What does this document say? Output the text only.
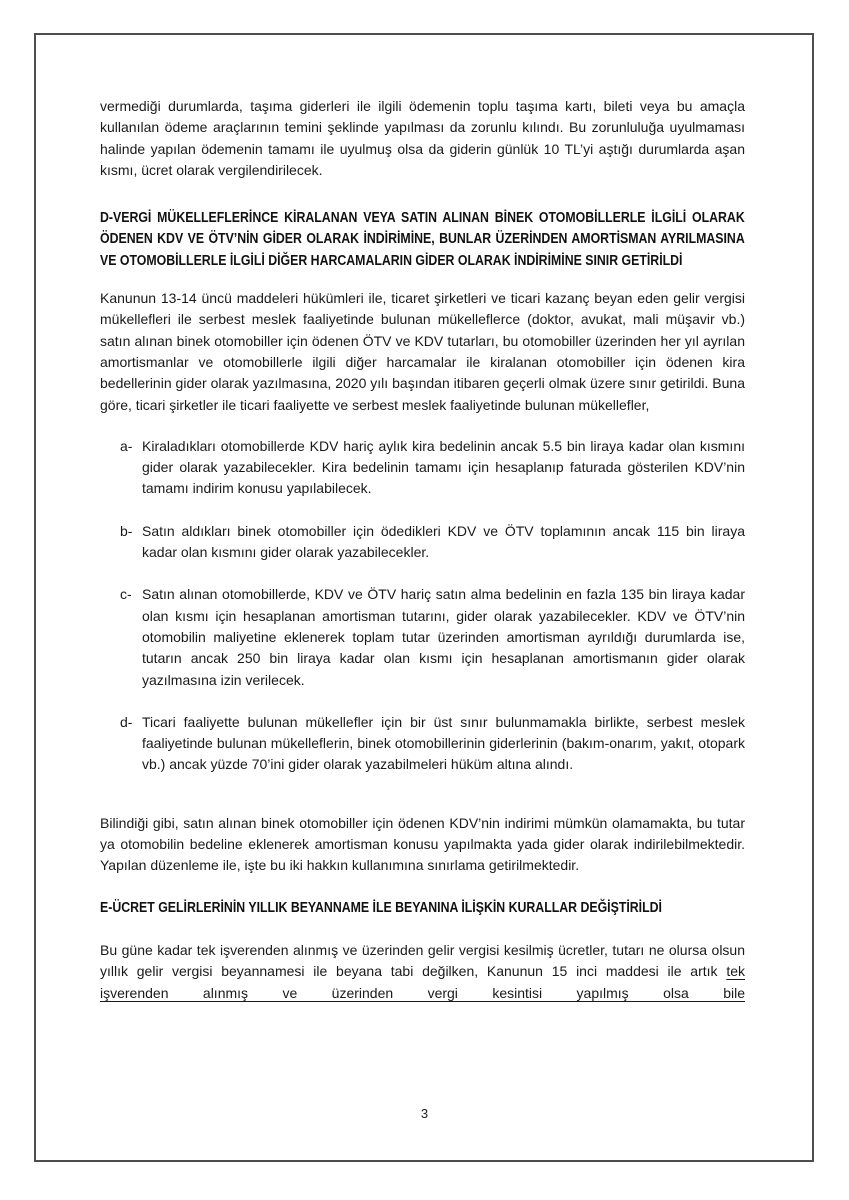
vermediği durumlarda, taşıma giderleri ile ilgili ödemenin toplu taşıma kartı, bileti veya bu amaçla kullanılan ödeme araçlarının temini şeklinde yapılması da zorunlu kılındı. Bu zorunluluğa uyulmaması halinde yapılan ödemenin tamamı ile uyulmuş olsa da giderin günlük 10 TL’yi aştığı durumlarda aşan kısmı, ücret olarak vergilendirilecek.

D-VERGİ MÜKELLEFLERİNCE KİRALANAN VEYA SATIN ALINAN BİNEK OTOMOBİLLERLE İLGİLİ OLARAK ÖDENEN KDV VE ÖTV’NİN GİDER OLARAK İNDİRİMİNE, BUNLAR ÜZERİNDEN AMORTİSMAN AYRILMASINA VE OTOMOBİLLERLE İLGİLİ DİĞER HARCAMALARIN GİDER OLARAK İNDİRİMİNE SINIR GETİRİLDİ

Kanunun 13-14 üncü maddeleri hükümleri ile, ticaret şirketleri ve ticari kazanç beyan eden gelir vergisi mükellefleri ile serbest meslek faaliyetinde bulunan mükelleflerce (doktor, avukat, mali müşavir vb.) satın alınan binek otomobiller için ödenen ÖTV ve KDV tutarları, bu otomobiller üzerinden her yıl ayrılan amortismanlar ve otomobillerle ilgili diğer harcamalar ile kiralanan otomobiller için ödenen kira bedellerinin gider olarak yazılmasına, 2020 yılı başından itibaren geçerli olmak üzere sınır getirildi. Buna göre, ticari şirketler ile ticari faaliyette ve serbest meslek faaliyetinde bulunan mükellefler,

a- Kiraladıkları otomobillerde KDV hariç aylık kira bedelinin ancak 5.5 bin liraya kadar olan kısmını gider olarak yazabilecekler. Kira bedelinin tamamı için hesaplanıp faturada gösterilen KDV’nin tamamı indirim konusu yapılabilecek.

b- Satın aldıkları binek otomobiller için ödedikleri KDV ve ÖTV toplamının ancak 115 bin liraya kadar olan kısmını gider olarak yazabilecekler.

c- Satın alınan otomobillerde, KDV ve ÖTV hariç satın alma bedelinin en fazla 135 bin liraya kadar olan kısmı için hesaplanan amortisman tutarını, gider olarak yazabilecekler. KDV ve ÖTV’nin otomobilin maliyetine eklenerek toplam tutar üzerinden amortisman ayrıldığı durumlarda ise, tutarın ancak 250 bin liraya kadar olan kısmı için hesaplanan amortismanın gider olarak yazılmasına izin verilecek.

d- Ticari faaliyette bulunan mükellefler için bir üst sınır bulunmamakla birlikte, serbest meslek faaliyetinde bulunan mükelleflerin, binek otomobillerinin giderlerinin (bakım-onarım, yakıt, otopark vb.) ancak yüzde 70’ini gider olarak yazabilmeleri hüküm altına alındı.

Bilindiği gibi, satın alınan binek otomobiller için ödenen KDV’nin indirimi mümkün olamamakta, bu tutar ya otomobilin bedeline eklenerek amortisman konusu yapılmakta yada gider olarak indirilebilmektedir. Yapılan düzenleme ile, işte bu iki hakkın kullanımına sınırlama getirilmektedir.

E-ÜCRET GELİRLERİNİN YILLIK BEYANNAME İLE BEYANINA İLİŞKİN KURALLAR DEĞİŞTİRİLDİ

Bu güne kadar tek işverenden alınmış ve üzerinden gelir vergisi kesilmiş ücretler, tutarı ne olursa olsun yıllık gelir vergisi beyannamesi ile beyana tabi değilken, Kanunun 15 inci maddesi ile artık tek işverenden alınmış ve üzerinden vergi kesintisi yapılmış olsa bile

3
